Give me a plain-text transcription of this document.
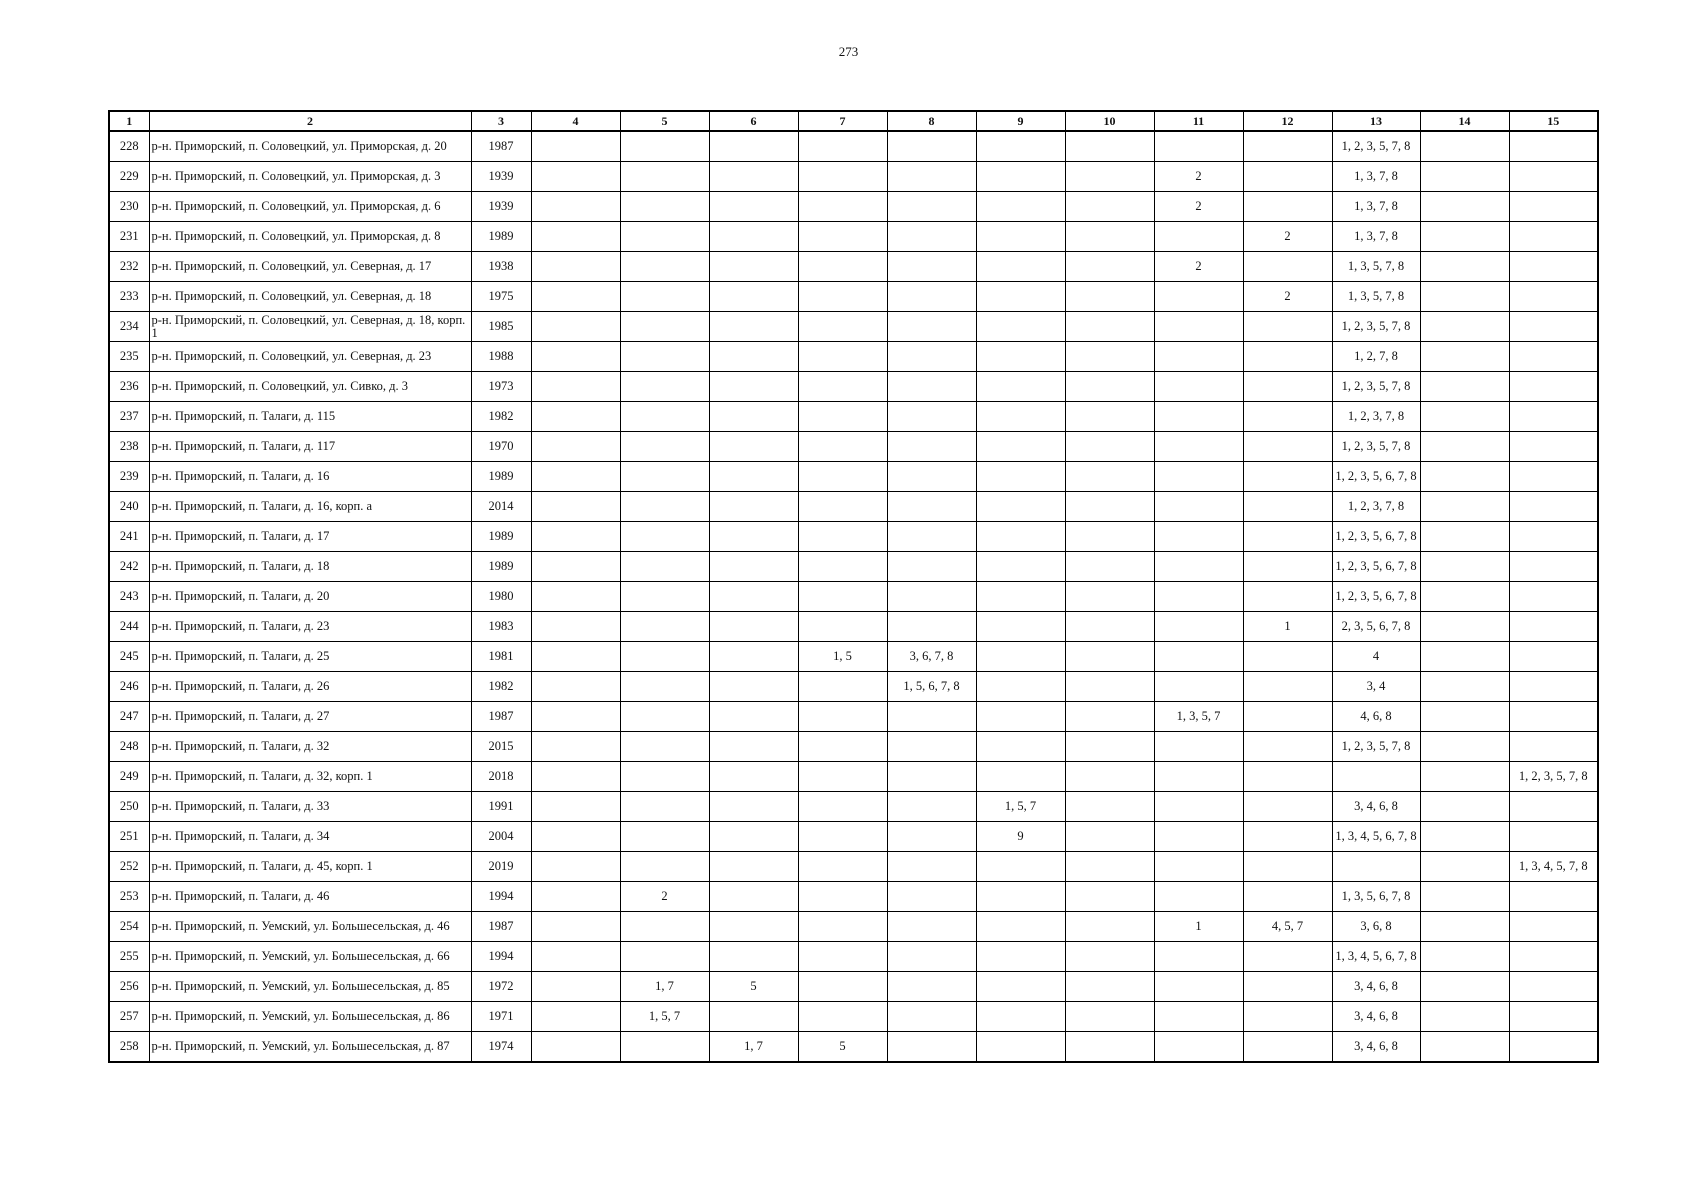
273
1	2	3	4	5	6	7	8	9	10	11	12	13	14	15
228	р-н. Приморский, п. Соловецкий, ул. Приморская, д. 20	1987										1, 2, 3, 5, 7, 8		
229	р-н. Приморский, п. Соловецкий, ул. Приморская, д. 3	1939								2		1, 3, 7, 8		
230	р-н. Приморский, п. Соловецкий, ул. Приморская, д. 6	1939								2		1, 3, 7, 8		
231	р-н. Приморский, п. Соловецкий, ул. Приморская, д. 8	1989									2	1, 3, 7, 8		
232	р-н. Приморский, п. Соловецкий, ул. Северная, д. 17	1938								2		1, 3, 5, 7, 8		
233	р-н. Приморский, п. Соловецкий, ул. Северная, д. 18	1975									2	1, 3, 5, 7, 8		
234	р-н. Приморский, п. Соловецкий, ул. Северная, д. 18, корп. 1	1985										1, 2, 3, 5, 7, 8		
235	р-н. Приморский, п. Соловецкий, ул. Северная, д. 23	1988										1, 2, 7, 8		
236	р-н. Приморский, п. Соловецкий, ул. Сивко, д. 3	1973										1, 2, 3, 5, 7, 8		
237	р-н. Приморский, п. Талаги, д. 115	1982										1, 2, 3, 7, 8		
238	р-н. Приморский, п. Талаги, д. 117	1970										1, 2, 3, 5, 7, 8		
239	р-н. Приморский, п. Талаги, д. 16	1989										1, 2, 3, 5, 6, 7, 8		
240	р-н. Приморский, п. Талаги, д. 16, корп. а	2014										1, 2, 3, 7, 8		
241	р-н. Приморский, п. Талаги, д. 17	1989										1, 2, 3, 5, 6, 7, 8		
242	р-н. Приморский, п. Талаги, д. 18	1989										1, 2, 3, 5, 6, 7, 8		
243	р-н. Приморский, п. Талаги, д. 20	1980										1, 2, 3, 5, 6, 7, 8		
244	р-н. Приморский, п. Талаги, д. 23	1983									1	2, 3, 5, 6, 7, 8		
245	р-н. Приморский, п. Талаги, д. 25	1981				1, 5	3, 6, 7, 8					4		
246	р-н. Приморский, п. Талаги, д. 26	1982					1, 5, 6, 7, 8					3, 4		
247	р-н. Приморский, п. Талаги, д. 27	1987								1, 3, 5, 7		4, 6, 8		
248	р-н. Приморский, п. Талаги, д. 32	2015										1, 2, 3, 5, 7, 8		
249	р-н. Приморский, п. Талаги, д. 32, корп. 1	2018												1, 2, 3, 5, 7, 8
250	р-н. Приморский, п. Талаги, д. 33	1991						1, 5, 7				3, 4, 6, 8		
251	р-н. Приморский, п. Талаги, д. 34	2004						9				1, 3, 4, 5, 6, 7, 8		
252	р-н. Приморский, п. Талаги, д. 45, корп. 1	2019												1, 3, 4, 5, 7, 8
253	р-н. Приморский, п. Талаги, д. 46	1994		2								1, 3, 5, 6, 7, 8		
254	р-н. Приморский, п. Уемский, ул. Большесельская, д. 46	1987								1	4, 5, 7	3, 6, 8		
255	р-н. Приморский, п. Уемский, ул. Большесельская, д. 66	1994										1, 3, 4, 5, 6, 7, 8		
256	р-н. Приморский, п. Уемский, ул. Большесельская, д. 85	1972		1, 7	5							3, 4, 6, 8		
257	р-н. Приморский, п. Уемский, ул. Большесельская, д. 86	1971		1, 5, 7								3, 4, 6, 8		
258	р-н. Приморский, п. Уемский, ул. Большесельская, д. 87	1974			1, 7	5						3, 4, 6, 8		
